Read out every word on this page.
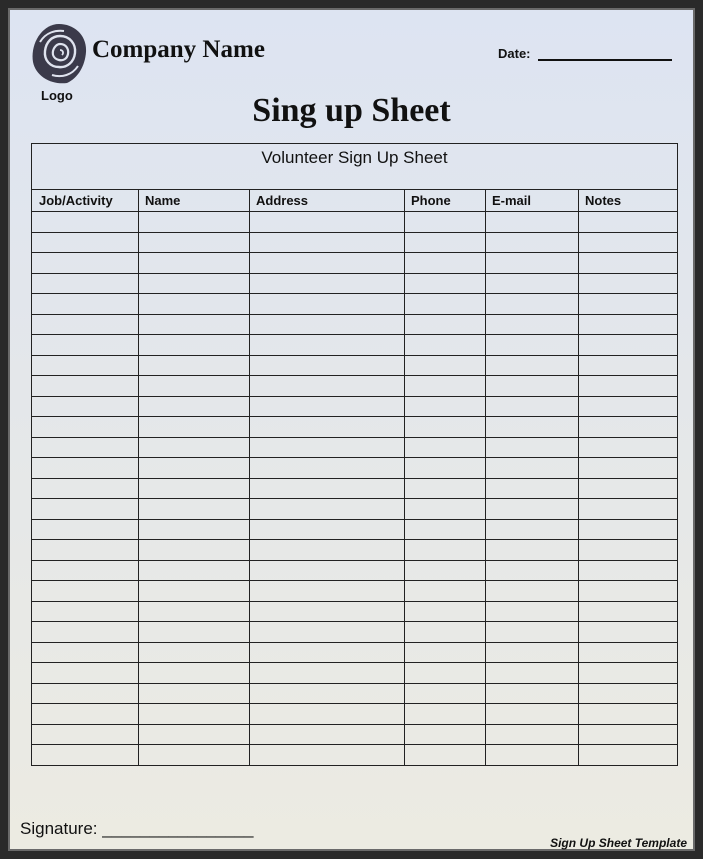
Logo
Company Name	Date:
Sing up Sheet
Volunteer Sign Up Sheet
Job/Activity	Name	Address	Phone	E-mail	Notes
Signature: ________________
Sign Up Sheet Template
